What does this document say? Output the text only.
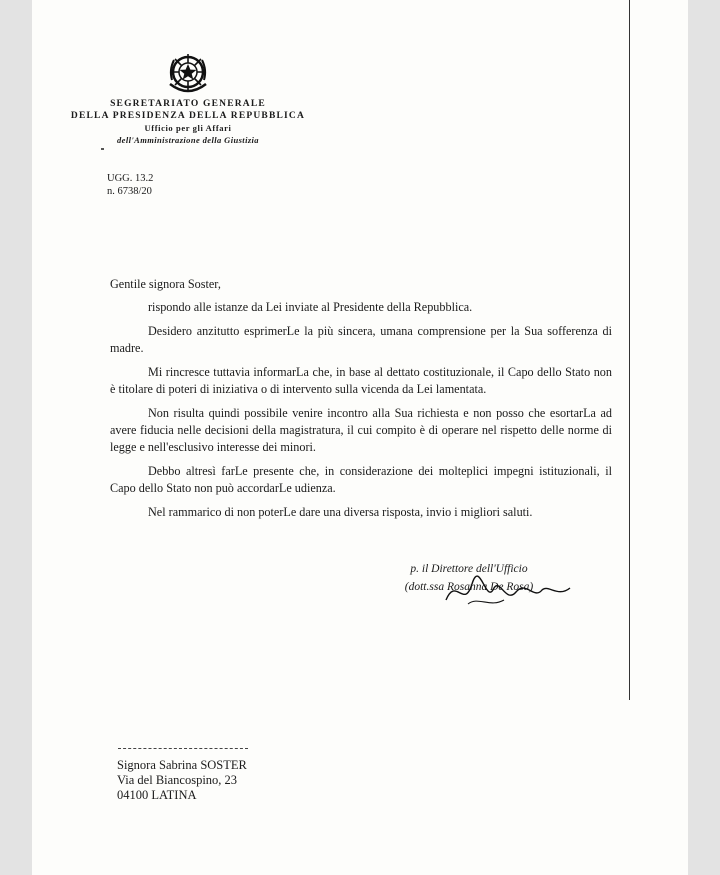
SEGRETARIATO GENERALE
DELLA PRESIDENZA DELLA REPUBBLICA
Ufficio per gli Affari
dell'Amministrazione della Giustizia
UGG. 13.2
n. 6738/20

Gentile signora Soster,

rispondo alle istanze da Lei inviate al Presidente della Repubblica.

Desidero anzitutto esprimerLe la più sincera, umana comprensione per la Sua sofferenza di madre.

Mi rincresce tuttavia informarLa che, in base al dettato costituzionale, il Capo dello Stato non è titolare di poteri di iniziativa o di intervento sulla vicenda da Lei lamentata.

Non risulta quindi possibile venire incontro alla Sua richiesta e non posso che esortarLa ad avere fiducia nelle decisioni della magistratura, il cui compito è di operare nel rispetto delle norme di legge e nell'esclusivo interesse dei minori.

Debbo altresì farLe presente che, in considerazione dei molteplici impegni istituzionali, il Capo dello Stato non può accordarLe udienza.

Nel rammarico di non poterLe dare una diversa risposta, invio i migliori saluti.

p. il Direttore dell'Ufficio
(dott.ssa Rosanna De Rosa)
Signora Sabrina SOSTER
Via del Biancospino, 23
04100 LATINA
